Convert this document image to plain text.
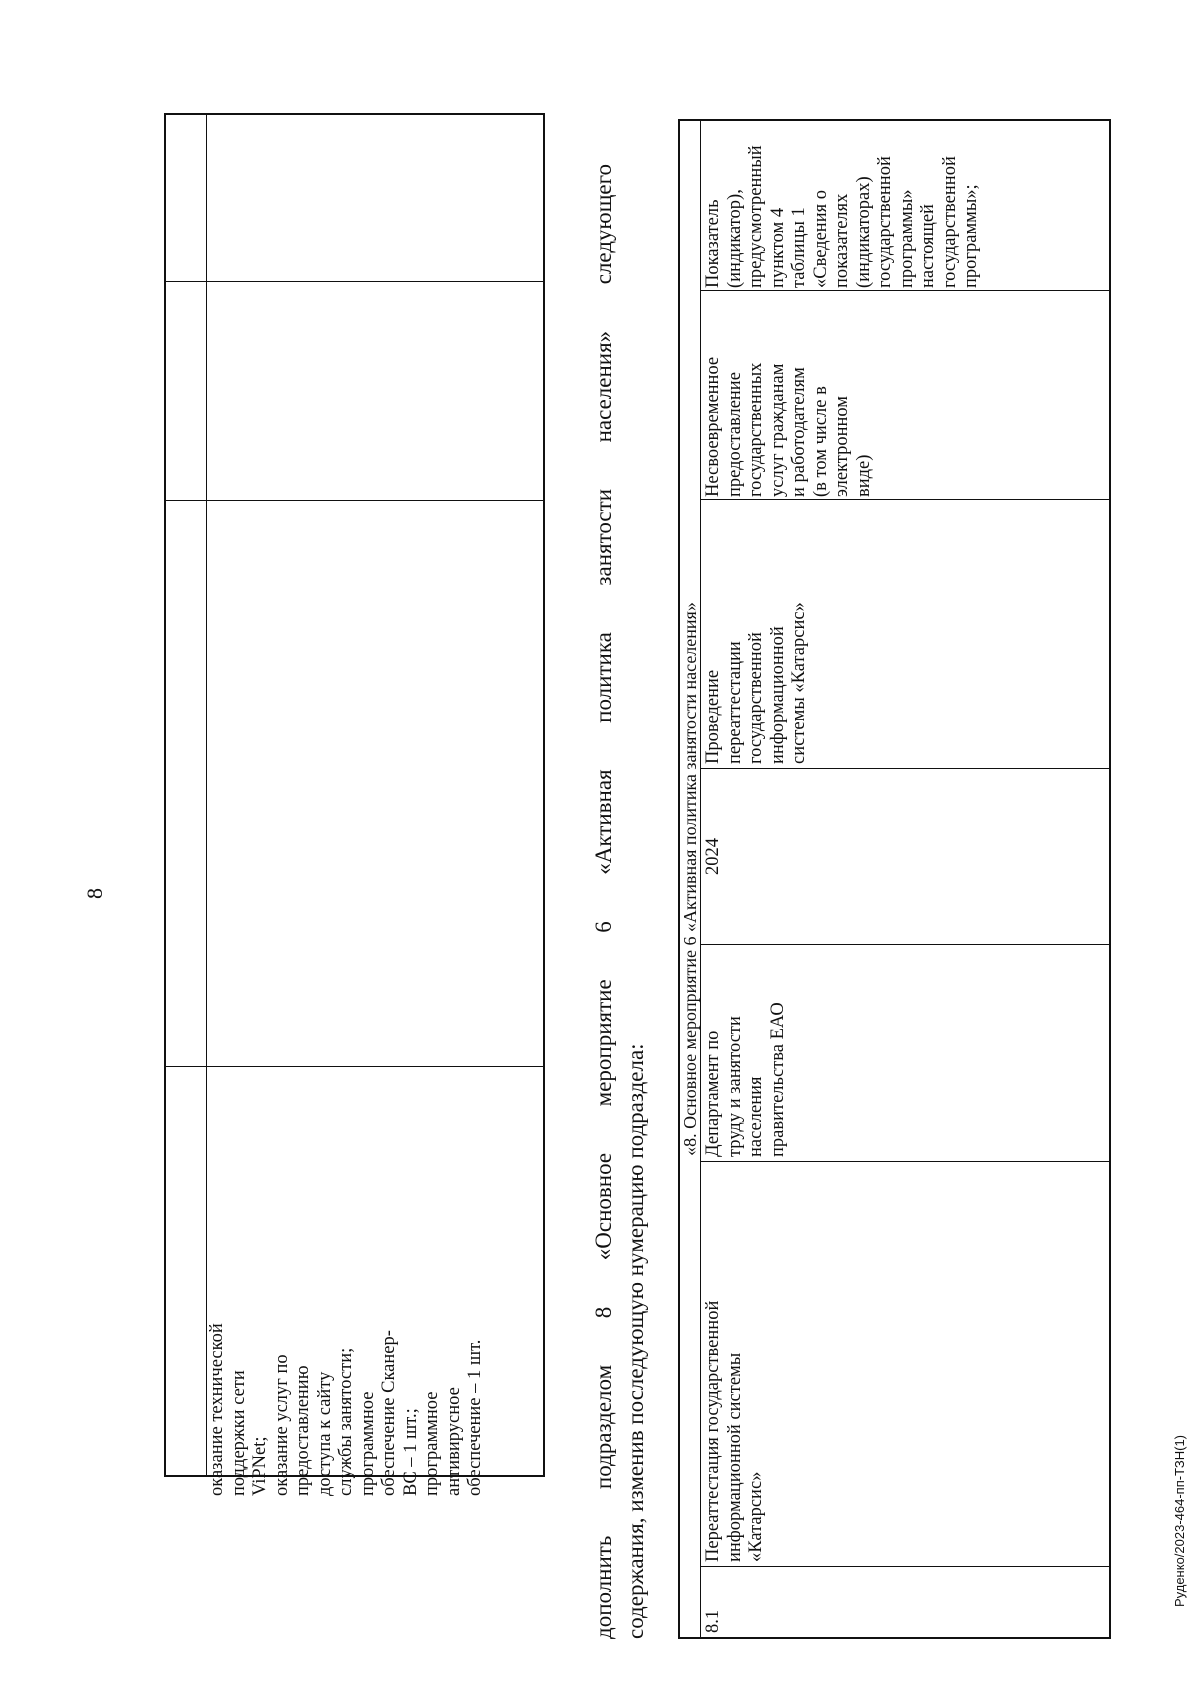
8
оказание технической поддержки сети ViPNet; оказание услуг по предоставлению доступа к сайту службы занятости; программное обеспечение Сканер- ВС – 1 шт.; программное антивирусное обеспечение – 1 шт.	дополнить подразделом 8 «Основное мероприятие 6 «Активная политика занятости населения» следующего содержания, изменив последующую нумерацию подраздела:
«8. Основное мероприятие 6 «Активная политика занятости населения»
8.1
Переаттестация государственной информационной системы «Катарсис»
Департамент по труду и занятости населения правительства ЕАО
2024
Проведение переаттестации государственной информационной системы «Катарсис»
Несвоевременное предоставление государственных услуг гражданам и работодателям (в том числе в электронном виде)
Показатель (индикатор), предусмотренный пунктом 4 таблицы 1 «Сведения о показателях (индикаторах) государственной программы» настоящей государственной программы»;
Руденко/2023-464-пп-ТЗН(1)
